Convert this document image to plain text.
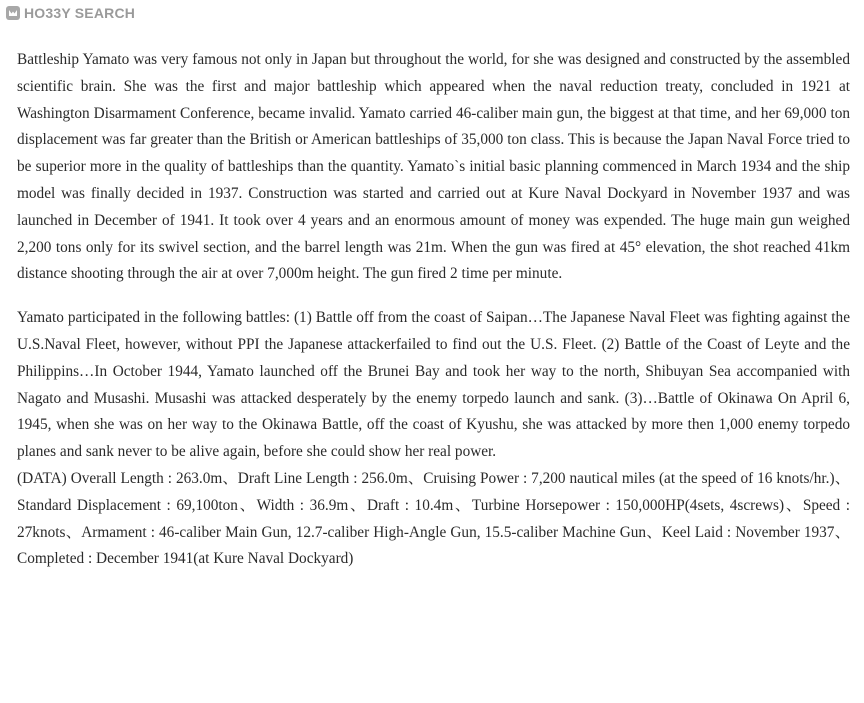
HO33Y SEARCH

Battleship Yamato was very famous not only in Japan but throughout the world, for she was designed and constructed by the assembled scientific brain. She was the first and major battleship which appeared when the naval reduction treaty, concluded in 1921 at Washington Disarmament Conference, became invalid. Yamato carried 46-caliber main gun, the biggest at that time, and her 69,000 ton displacement was far greater than the British or American battleships of 35,000 ton class. This is because the Japan Naval Force tried to be superior more in the quality of battleships than the quantity. Yamato`s initial basic planning commenced in March 1934 and the ship model was finally decided in 1937. Construction was started and carried out at Kure Naval Dockyard in November 1937 and was launched in December of 1941. It took over 4 years and an enormous amount of money was expended. The huge main gun weighed 2,200 tons only for its swivel section, and the barrel length was 21m. When the gun was fired at 45° elevation, the shot reached 41km distance shooting through the air at over 7,000m height. The gun fired 2 time per minute.

Yamato participated in the following battles: (1) Battle off from the coast of Saipan…The Japanese Naval Fleet was fighting against the U.S.Naval Fleet, however, without PPI the Japanese attackerfailed to find out the U.S. Fleet. (2) Battle of the Coast of Leyte and the Philippins…In October 1944, Yamato launched off the Brunei Bay and took her way to the north, Shibuyan Sea accompanied with Nagato and Musashi. Musashi was attacked desperately by the enemy torpedo launch and sank. (3)…Battle of Okinawa On April 6, 1945, when she was on her way to the Okinawa Battle, off the coast of Kyushu, she was attacked by more then 1,000 enemy torpedo planes and sank never to be alive again, before she could show her real power.
(DATA) Overall Length : 263.0m、Draft Line Length : 256.0m、Cruising Power : 7,200 nautical miles (at the speed of 16 knots/hr.)、Standard Displacement : 69,100ton、Width : 36.9m、Draft : 10.4m、Turbine Horsepower : 150,000HP(4sets, 4screws)、Speed : 27knots、Armament : 46-caliber Main Gun, 12.7-caliber High-Angle Gun, 15.5-caliber Machine Gun、Keel Laid : November 1937、Completed : December 1941(at Kure Naval Dockyard)
